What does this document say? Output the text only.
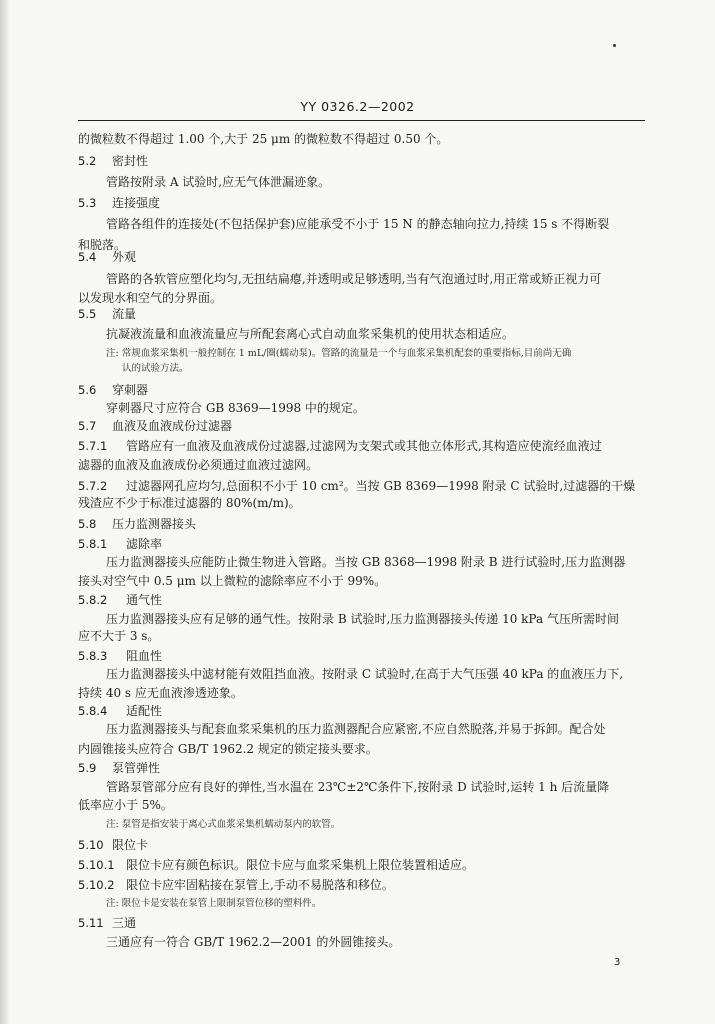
YY 0326.2—2002
的微粒数不得超过 1.00 个,大于 25 μm 的微粒数不得超过 0.50 个。
5.2 密封性
管路按附录 A 试验时,应无气体泄漏迹象。
5.3 连接强度
管路各组件的连接处(不包括保护套)应能承受不小于 15 N 的静态轴向拉力,持续 15 s 不得断裂
和脱落。
5.4 外观
管路的各软管应塑化均匀,无扭结扁瘪,并透明或足够透明,当有气泡通过时,用正常或矫正视力可
以发现水和空气的分界面。
5.5 流量
抗凝液流量和血液流量应与所配套离心式自动血浆采集机的使用状态相适应。
注: 常规血浆采集机一般控制在 1 mL/圈(蠕动泵)。管路的流量是一个与血浆采集机配套的重要指标,目前尚无确
认的试验方法。
5.6 穿刺器
穿刺器尺寸应符合 GB 8369—1998 中的规定。
5.7 血液及血液成份过滤器
5.7.1 管路应有一血液及血液成份过滤器,过滤网为支架式或其他立体形式,其构造应使流经血液过
滤器的血液及血液成份必须通过血液过滤网。
5.7.2 过滤器网孔应均匀,总面积不小于 10 cm²。当按 GB 8369—1998 附录 C 试验时,过滤器的干燥
残渣应不少于标准过滤器的 80%(m/m)。
5.8 压力监测器接头
5.8.1 滤除率
压力监测器接头应能防止微生物进入管路。当按 GB 8368—1998 附录 B 进行试验时,压力监测器
接头对空气中 0.5 μm 以上微粒的滤除率应不小于 99%。
5.8.2 通气性
压力监测器接头应有足够的通气性。按附录 B 试验时,压力监测器接头传递 10 kPa 气压所需时间
应不大于 3 s。
5.8.3 阻血性
压力监测器接头中滤材能有效阻挡血液。按附录 C 试验时,在高于大气压强 40 kPa 的血液压力下,
持续 40 s 应无血液渗透迹象。
5.8.4 适配性
压力监测器接头与配套血浆采集机的压力监测器配合应紧密,不应自然脱落,并易于拆卸。配合处
内圆锥接头应符合 GB/T 1962.2 规定的锁定接头要求。
5.9 泵管弹性
管路泵管部分应有良好的弹性,当水温在 23℃±2℃条件下,按附录 D 试验时,运转 1 h 后流量降
低率应小于 5%。
注: 泵管是指安装于离心式血浆采集机蠕动泵内的软管。
5.10 限位卡
5.10.1 限位卡应有颜色标识。限位卡应与血浆采集机上限位装置相适应。
5.10.2 限位卡应牢固粘接在泵管上,手动不易脱落和移位。
注: 限位卡是安装在泵管上限制泵管位移的塑料件。
5.11 三通
三通应有一符合 GB/T 1962.2—2001 的外圆锥接头。
3
